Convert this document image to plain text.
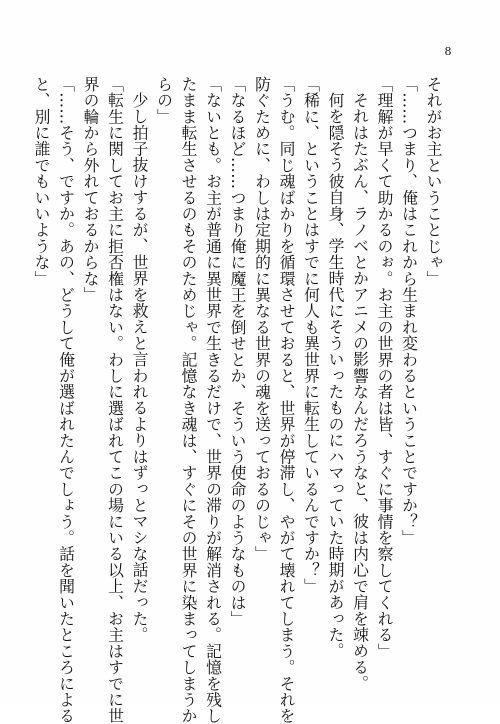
8
それがお主ということじゃ」
「……つまり、俺はこれから生まれ変わるということですか？」
「理解が早くて助かるのぉ。お主の世界の者は皆、すぐに事情を察してくれる」
それはたぶん、ラノベとかアニメの影響なんだろうなと、彼は内心で肩を竦める。
何を隠そう彼自身、学生時代にそういったものにハマっていた時期があった。
「稀に、ということはすでに何人も異世界に転生しているんですか？」
「うむ。同じ魂ばかりを循環させておると、世界が停滞し、やがて壊れてしまう。それを
防ぐために、わしは定期的に異なる世界の魂を送っておるのじゃ」
「なるほど……つまり俺に魔王を倒せとか、そういう使命のようなものは」
「ないとも。お主が普通に異世界で生きるだけで、世界の滞りが解消される。記憶を残し
たまま転生させるのもそのためじゃ。記憶なき魂は、すぐにその世界に染まってしまうか
らの」
少し拍子抜けするが、世界を救えと言われるよりはずっとマシな話だった。
「転生に関してお主に拒否権はない。わしに選ばれてこの場にいる以上、お主はすでに世
界の輪から外れておるからな」
「……そう、ですか。あの、どうして俺が選ばれたんでしょう。話を聞いたところによる
と、別に誰でもいいような」
